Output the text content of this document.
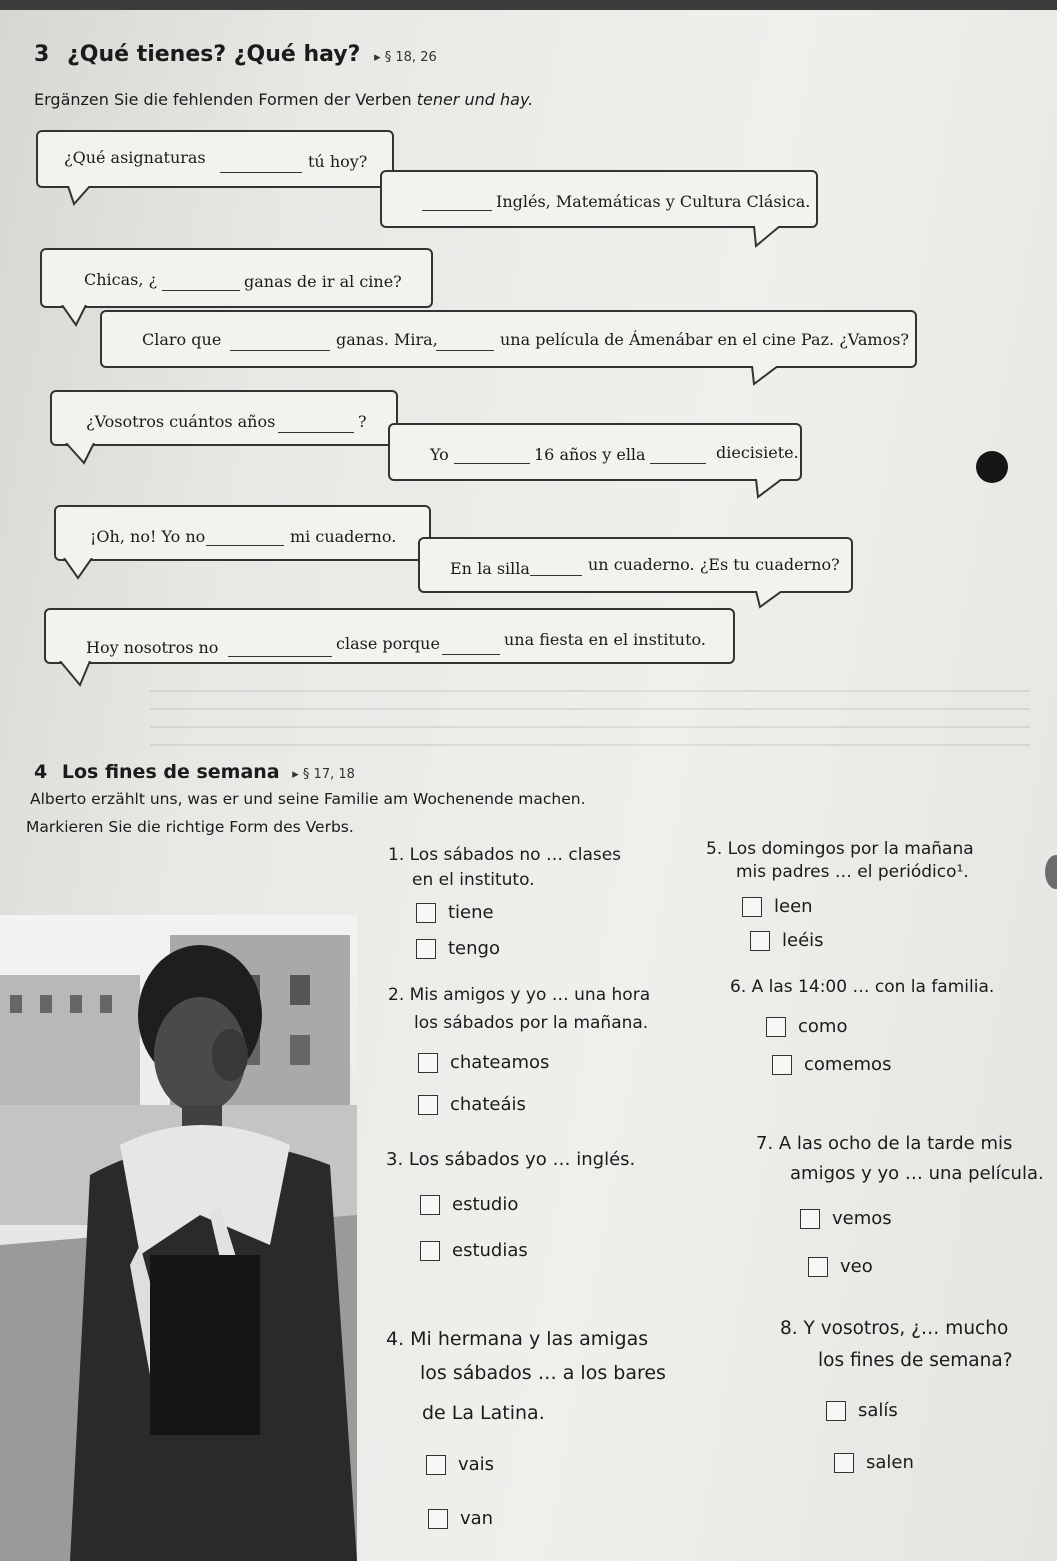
3 ¿Qué tienes? ¿Qué hay? ▸ § 18, 26
Ergänzen Sie die fehlenden Formen der Verben tener und hay.
¿Qué asignaturas	tú hoy?
Inglés, Matemáticas y Cultura Clásica.
Chicas, ¿	ganas de ir al cine?
Claro que	ganas. Mira,	una película de Ámenábar en el cine Paz. ¿Vamos?
¿Vosotros cuántos años	?
Yo	16 años y ella	diecisiete.
¡Oh, no! Yo no	mi cuaderno.
En la silla	un cuaderno. ¿Es tu cuaderno?
Hoy nosotros no	clase porque	una fiesta en el instituto.
4 Los fines de semana ▸ § 17, 18
Alberto erzählt uns, was er und seine Familie am Wochenende machen.
Markieren Sie die richtige Form des Verbs.
1. Los sábados no … clases
en el instituto.
tiene
tengo
2. Mis amigos y yo … una hora
los sábados por la mañana.
chateamos
chateáis
3. Los sábados yo … inglés.
estudio
estudias
4. Mi hermana y las amigas
los sábados … a los bares
de La Latina.
vais
van
5. Los domingos por la mañana
mis padres … el periódico¹.
leen
leéis
6. A las 14:00 … con la familia.
como
comemos
7. A las ocho de la tarde mis
amigos y yo … una película.
vemos
veo
8. Y vosotros, ¿… mucho
los fines de semana?
salís
salen
